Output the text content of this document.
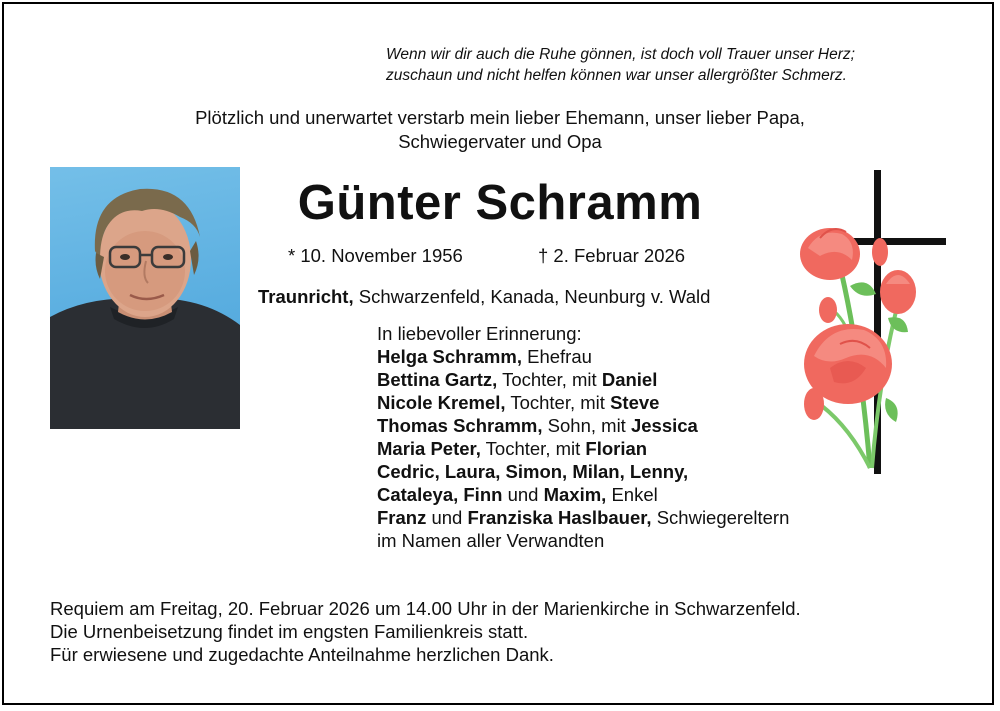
Wenn wir dir auch die Ruhe gönnen, ist doch voll Trauer unser Herz;
zuschaun und nicht helfen können war unser allergrößter Schmerz.
Plötzlich und unerwartet verstarb mein lieber Ehemann, unser lieber Papa,
Schwiegervater und Opa
Günter Schramm
* 10. November 1956	† 2. Februar 2026
Traunricht, Schwarzenfeld, Kanada, Neunburg v. Wald
In liebevoller Erinnerung:
Helga Schramm, Ehefrau
Bettina Gartz, Tochter, mit Daniel
Nicole Kremel, Tochter, mit Steve
Thomas Schramm, Sohn, mit Jessica
Maria Peter, Tochter, mit Florian
Cedric, Laura, Simon, Milan, Lenny,
Cataleya, Finn und Maxim, Enkel
Franz und Franziska Haslbauer, Schwiegereltern
im Namen aller Verwandten
Requiem am Freitag, 20. Februar 2026 um 14.00 Uhr in der Marienkirche in Schwarzenfeld.
Die Urnenbeisetzung findet im engsten Familienkreis statt.
Für erwiesene und zugedachte Anteilnahme herzlichen Dank.
